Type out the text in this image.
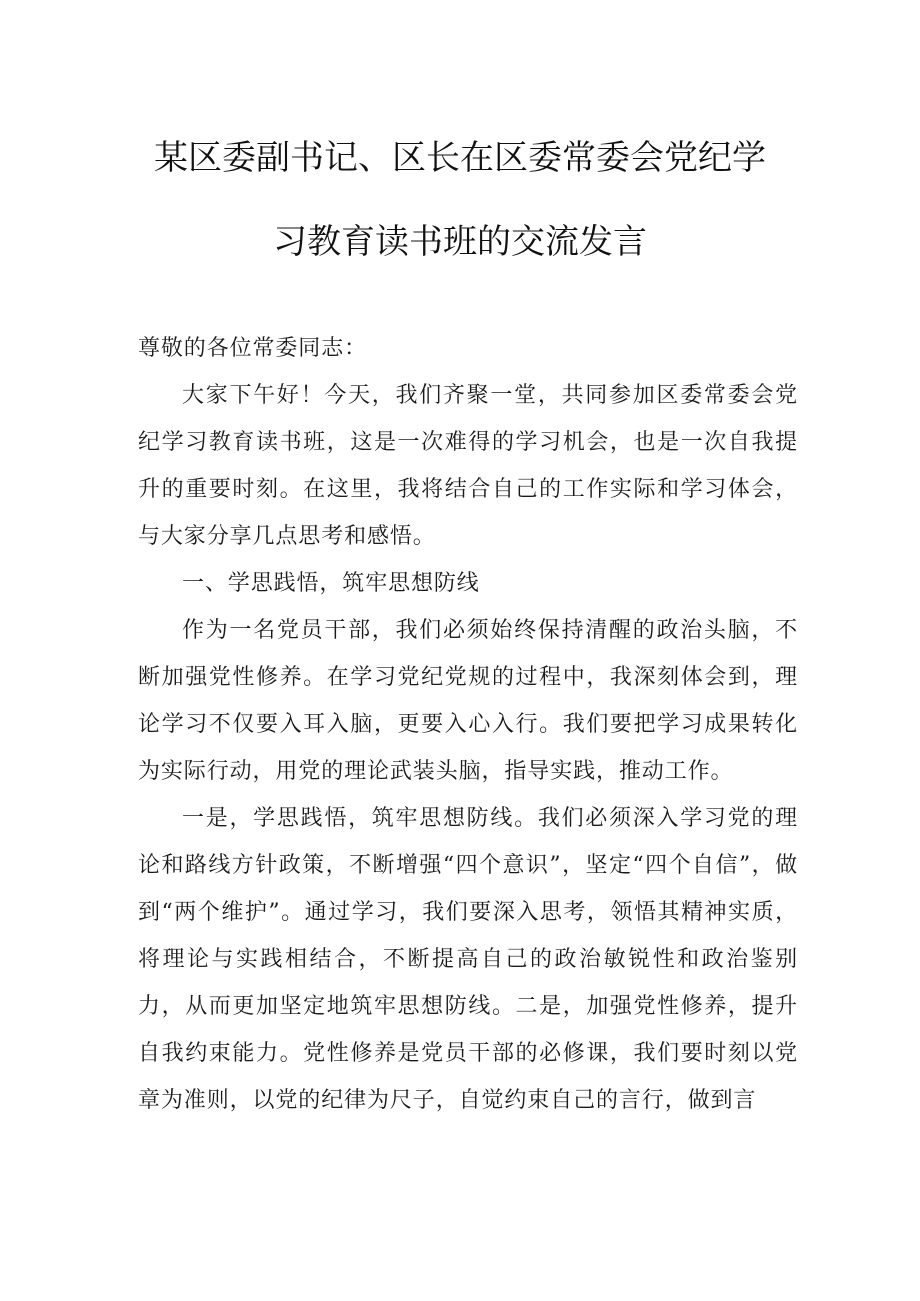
某区委副书记、区长在区委常委会党纪学
习教育读书班的交流发言

尊敬的各位常委同志：

大家下午好！今天，我们齐聚一堂，共同参加区委常委会党纪学习教育读书班，这是一次难得的学习机会，也是一次自我提升的重要时刻。在这里，我将结合自己的工作实际和学习体会，与大家分享几点思考和感悟。

一、学思践悟，筑牢思想防线

作为一名党员干部，我们必须始终保持清醒的政治头脑，不断加强党性修养。在学习党纪党规的过程中，我深刻体会到，理论学习不仅要入耳入脑，更要入心入行。我们要把学习成果转化为实际行动，用党的理论武装头脑，指导实践，推动工作。

一是，学思践悟，筑牢思想防线。我们必须深入学习党的理论和路线方针政策，不断增强“四个意识”，坚定“四个自信”，做到“两个维护”。通过学习，我们要深入思考，领悟其精神实质，将理论与实践相结合，不断提高自己的政治敏锐性和政治鉴别力，从而更加坚定地筑牢思想防线。二是，加强党性修养，提升自我约束能力。党性修养是党员干部的必修课，我们要时刻以党章为准则，以党的纪律为尺子，自觉约束自己的言行，做到言
